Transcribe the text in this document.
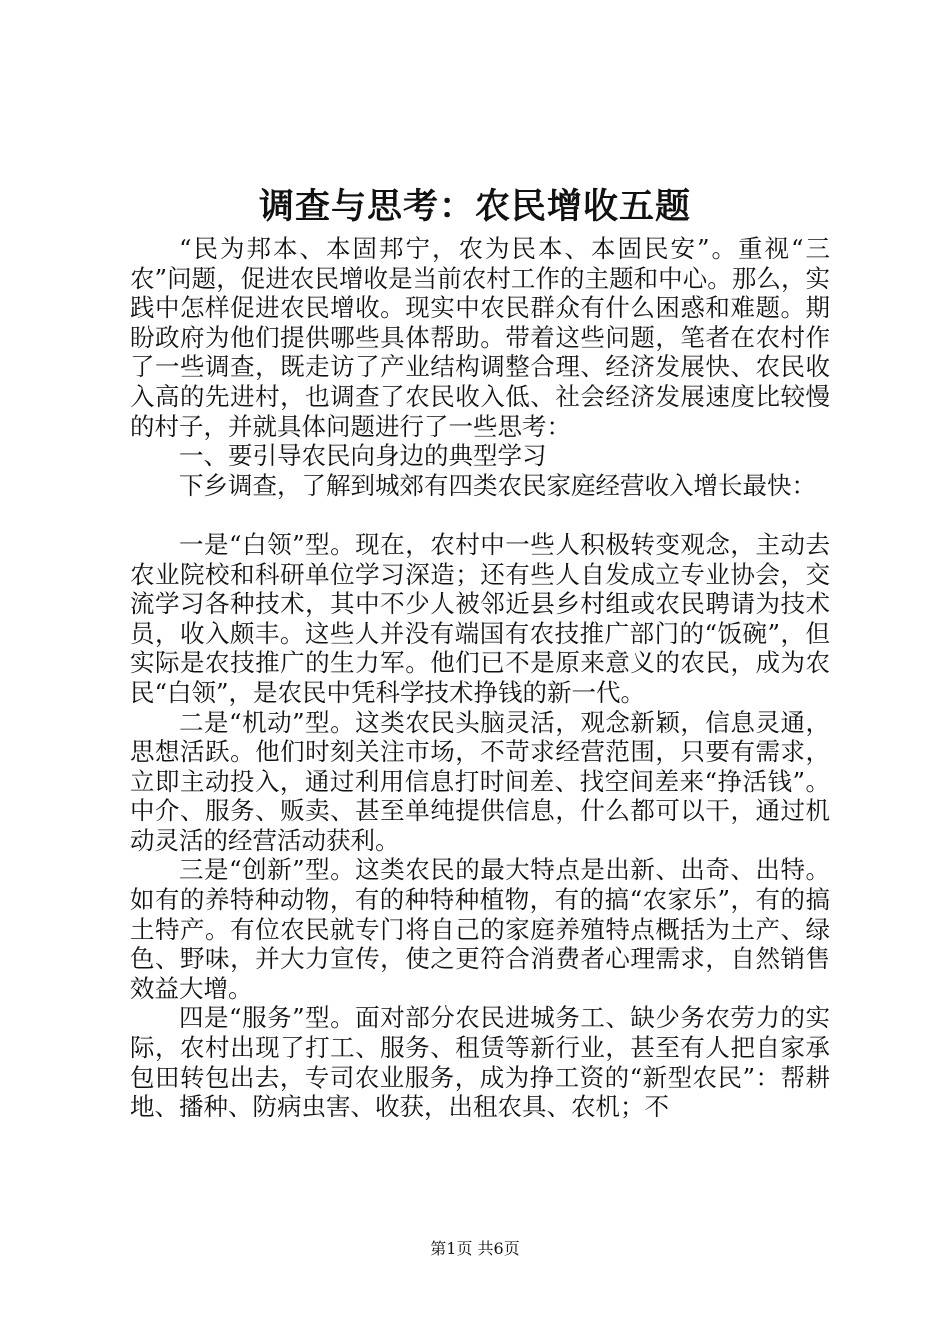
调查与思考：农民增收五题

“民为邦本、本固邦宁，农为民本、本固民安”。重视“三农”问题，促进农民增收是当前农村工作的主题和中心。那么，实践中怎样促进农民增收。现实中农民群众有什么困惑和难题。期盼政府为他们提供哪些具体帮助。带着这些问题，笔者在农村作了一些调查，既走访了产业结构调整合理、经济发展快、农民收入高的先进村，也调查了农民收入低、社会经济发展速度比较慢的村子，并就具体问题进行了一些思考：

一、要引导农民向身边的典型学习

下乡调查，了解到城郊有四类农民家庭经营收入增长最快：

一是“白领”型。现在，农村中一些人积极转变观念，主动去农业院校和科研单位学习深造；还有些人自发成立专业协会，交流学习各种技术，其中不少人被邻近县乡村组或农民聘请为技术员，收入颇丰。这些人并没有端国有农技推广部门的“饭碗”，但实际是农技推广的生力军。他们已不是原来意义的农民，成为农民“白领”，是农民中凭科学技术挣钱的新一代。

二是“机动”型。这类农民头脑灵活，观念新颖，信息灵通，思想活跃。他们时刻关注市场，不苛求经营范围，只要有需求，立即主动投入，通过利用信息打时间差、找空间差来“挣活钱”。中介、服务、贩卖、甚至单纯提供信息，什么都可以干，通过机动灵活的经营活动获利。

三是“创新”型。这类农民的最大特点是出新、出奇、出特。如有的养特种动物，有的种特种植物，有的搞“农家乐”，有的搞土特产。有位农民就专门将自己的家庭养殖特点概括为土产、绿色、野味，并大力宣传，使之更符合消费者心理需求，自然销售效益大增。

四是“服务”型。面对部分农民进城务工、缺少务农劳力的实际，农村出现了打工、服务、租赁等新行业，甚至有人把自家承包田转包出去，专司农业服务，成为挣工资的“新型农民”：帮耕地、播种、防病虫害、收获，出租农具、农机；不

第1页 共6页
